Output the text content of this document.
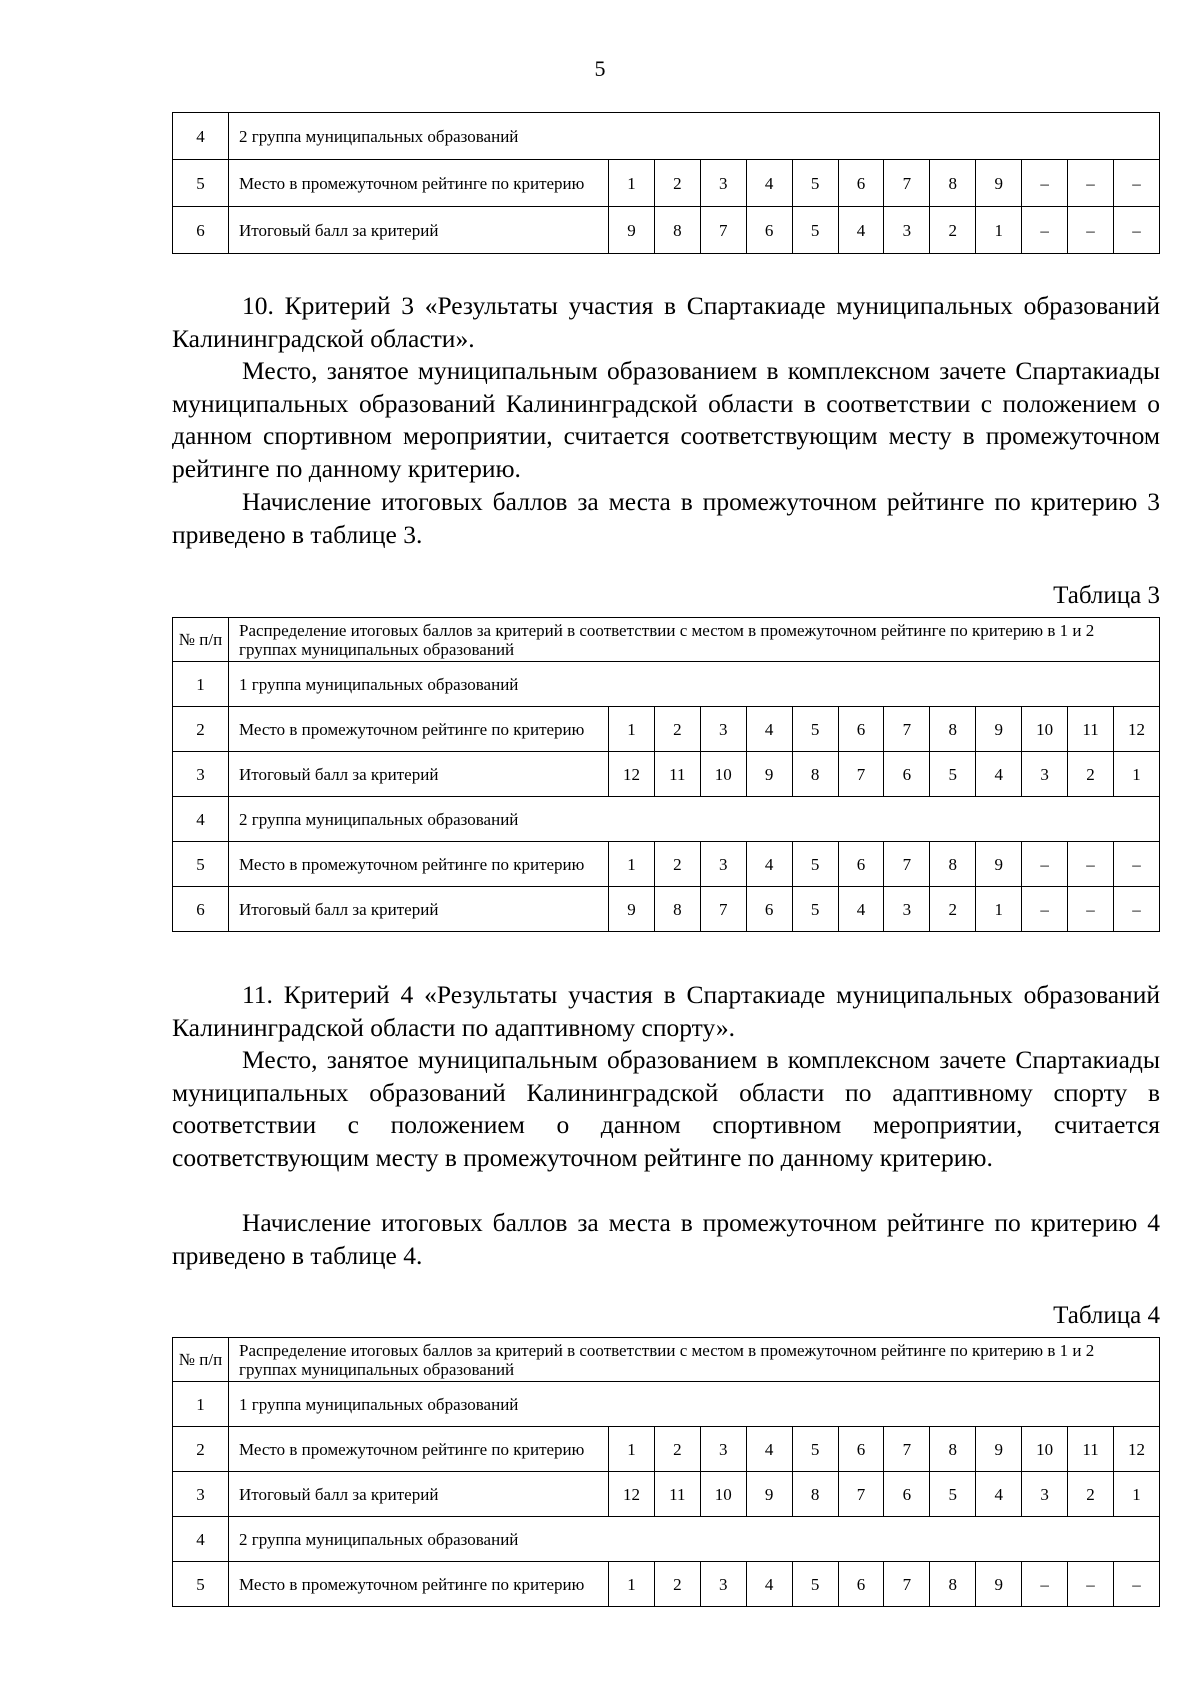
5
4	2 группа муниципальных образований												
5	Место в промежуточном рейтинге по критерию	1	2	3	4	5	6	7	8	9	–	–	–
6	Итоговый балл за критерий	9	8	7	6	5	4	3	2	1	–	–	–

10. Критерий 3 «Результаты участия в Спартакиаде муниципальных образований Калининградской области».

Место, занятое муниципальным образованием в комплексном зачете Спартакиады муниципальных образований Калининградской области в соответствии с положением о данном спортивном мероприятии, считается соответствующим месту в промежуточном рейтинге по данному критерию.

Начисление итоговых баллов за места в промежуточном рейтинге по критерию 3 приведено в таблице 3.

Таблица 3
№ п/п	Распределение итоговых баллов за критерий в соответствии с местом в промежуточном рейтинге по критерию в 1 и 2 группах муниципальных образований												
1	1 группа муниципальных образований												
2	Место в промежуточном рейтинге по критерию	1	2	3	4	5	6	7	8	9	10	11	12
3	Итоговый балл за критерий	12	11	10	9	8	7	6	5	4	3	2	1
4	2 группа муниципальных образований												
5	Место в промежуточном рейтинге по критерию	1	2	3	4	5	6	7	8	9	–	–	–
6	Итоговый балл за критерий	9	8	7	6	5	4	3	2	1	–	–	–

11. Критерий 4 «Результаты участия в Спартакиаде муниципальных образований Калининградской области по адаптивному спорту».

Место, занятое муниципальным образованием в комплексном зачете Спартакиады муниципальных образований Калининградской области по адаптивному спорту в соответствии с положением о данном спортивном мероприятии, считается соответствующим месту в промежуточном рейтинге по данному критерию.

Начисление итоговых баллов за места в промежуточном рейтинге по критерию 4 приведено в таблице 4.

Таблица 4
№ п/п	Распределение итоговых баллов за критерий в соответствии с местом в промежуточном рейтинге по критерию в 1 и 2 группах муниципальных образований												
1	1 группа муниципальных образований												
2	Место в промежуточном рейтинге по критерию	1	2	3	4	5	6	7	8	9	10	11	12
3	Итоговый балл за критерий	12	11	10	9	8	7	6	5	4	3	2	1
4	2 группа муниципальных образований												
5	Место в промежуточном рейтинге по критерию	1	2	3	4	5	6	7	8	9	–	–	–
